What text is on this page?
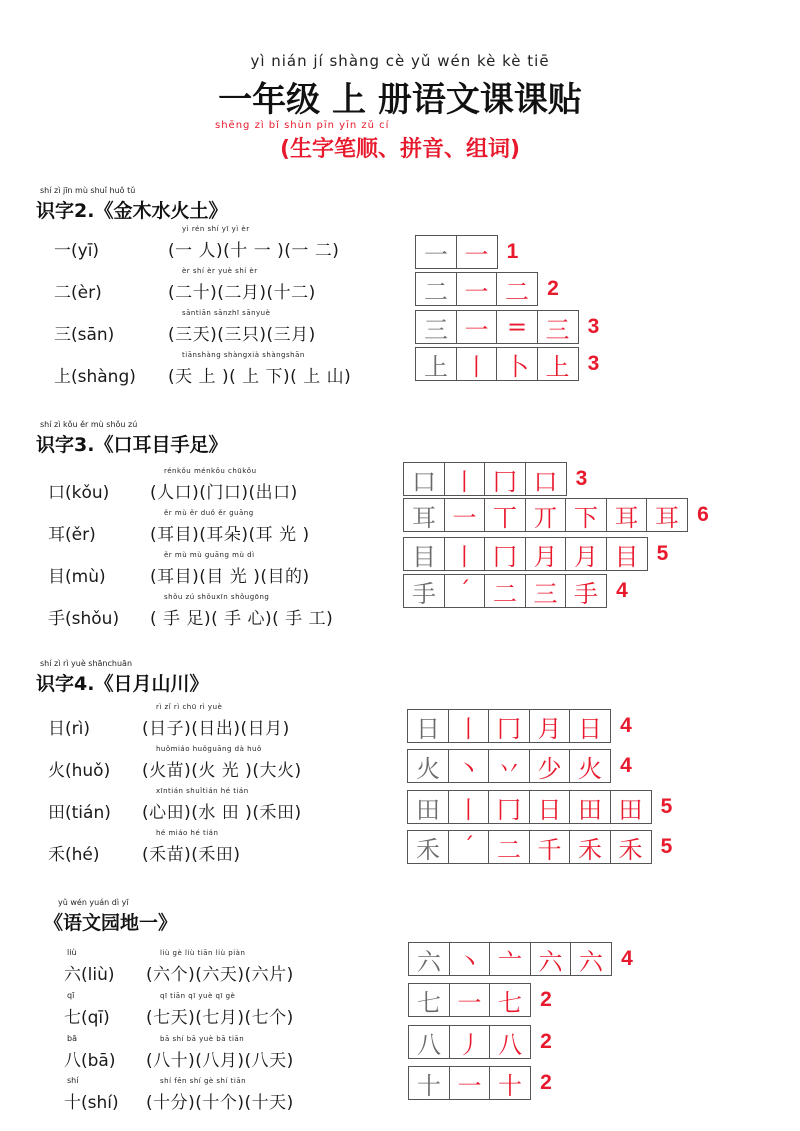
yì nián jí shàng cè yǔ wén kè kè tiē
一年级 上 册语文课课贴
shēng zì bǐ shùn pīn yīn zǔ cí
(生字笔顺、拼音、组词)
shí zì jīn mù shuǐ huǒ tǔ
识字2.《金木水火土》
一(yī)
yì rén shí yī yì èr
(一 人)(十 一 )(一 二)
二(èr)
èr shí èr yuè shí èr
(二十)(二月)(十二)
三(sān)
sāntiān sānzhī sānyuè
(三天)(三只)(三月)
上(shàng)
tiānshàng shàngxià shàngshān
(天 上 )( 上 下)( 上 山)
一 一 1
二 一 二 2
三 一 = 三 3
上 丨 卜 上 3
shí zì kǒu ěr mù shǒu zú
识字3.《口耳目手足》
口(kǒu)
rénkǒu ménkǒu chūkǒu
(人口)(门口)(出口)
耳(ěr)
ěr mù ěr duǒ ěr guāng
(耳目)(耳朵)(耳 光 )
目(mù)
ěr mù mù guāng mù dì
(耳目)(目 光 )(目的)
手(shǒu)
shǒu zú shǒuxīn shǒugōng
( 手 足)( 手 心)( 手 工)
口 丨 冂 口 3
耳 一 丅 丌 下 耳 耳 6
目 丨 冂 月 月 目 5
手 ´ 二 三 手 4
shí zì rì yuè shānchuān
识字4.《日月山川》
日(rì)
rì zǐ rì chū rì yuè
(日子)(日出)(日月)
火(huǒ)
huǒmiáo huǒguāng dà huǒ
(火苗)(火 光 )(大火)
田(tián)
xīntián shuǐtián hé tián
(心田)(水 田 )(禾田)
禾(hé)
hé miáo hé tián
(禾苗)(禾田)
日 丨 冂 月 日 4
火 丶 丷 少 火 4
田 丨 冂 日 田 田 5
禾 ´ 二 千 禾 禾 5
yǔ wén yuán dì yī
《语文园地一》
liù
六(liù)
liù gè liù tiān liù piàn
(六个)(六天)(六片)
qī
七(qī)
qī tiān qī yuè qī gè
(七天)(七月)(七个)
bā
八(bā)
bā shí bā yuè bā tiān
(八十)(八月)(八天)
shí
十(shí)
shí fēn shí gè shí tiān
(十分)(十个)(十天)
六 丶 亠 六 六 4
七 一 七 2
八 丿 八 2
十 一 十 2
